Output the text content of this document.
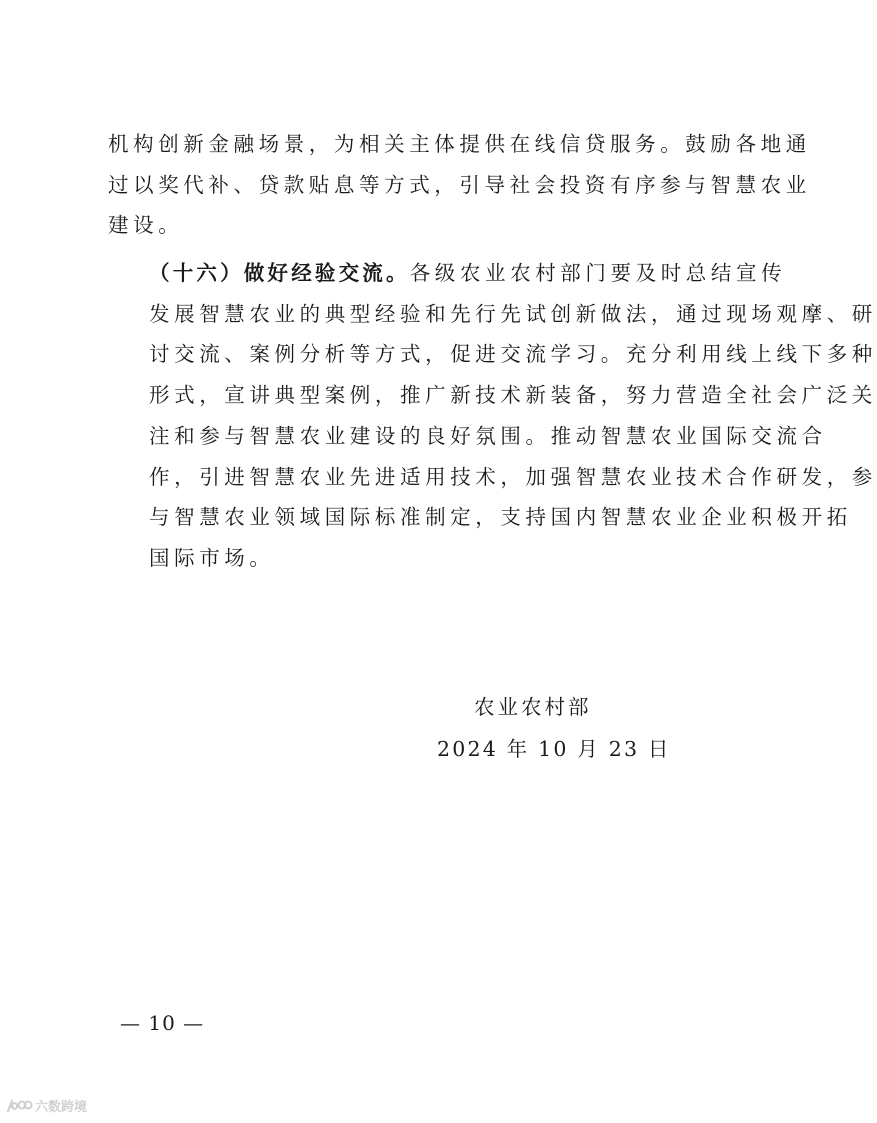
机构创新金融场景，为相关主体提供在线信贷服务。鼓励各地通
过以奖代补、贷款贴息等方式，引导社会投资有序参与智慧农业
建设。
（十六）做好经验交流。各级农业农村部门要及时总结宣传
发展智慧农业的典型经验和先行先试创新做法，通过现场观摩、研
讨交流、案例分析等方式，促进交流学习。充分利用线上线下多种
形式，宣讲典型案例，推广新技术新装备，努力营造全社会广泛关
注和参与智慧农业建设的良好氛围。推动智慧农业国际交流合
作，引进智慧农业先进适用技术，加强智慧农业技术合作研发，参
与智慧农业领域国际标准制定，支持国内智慧农业企业积极开拓
国际市场。
农业农村部
2024 年 10 月 23 日
— 10 —
六数跨境
